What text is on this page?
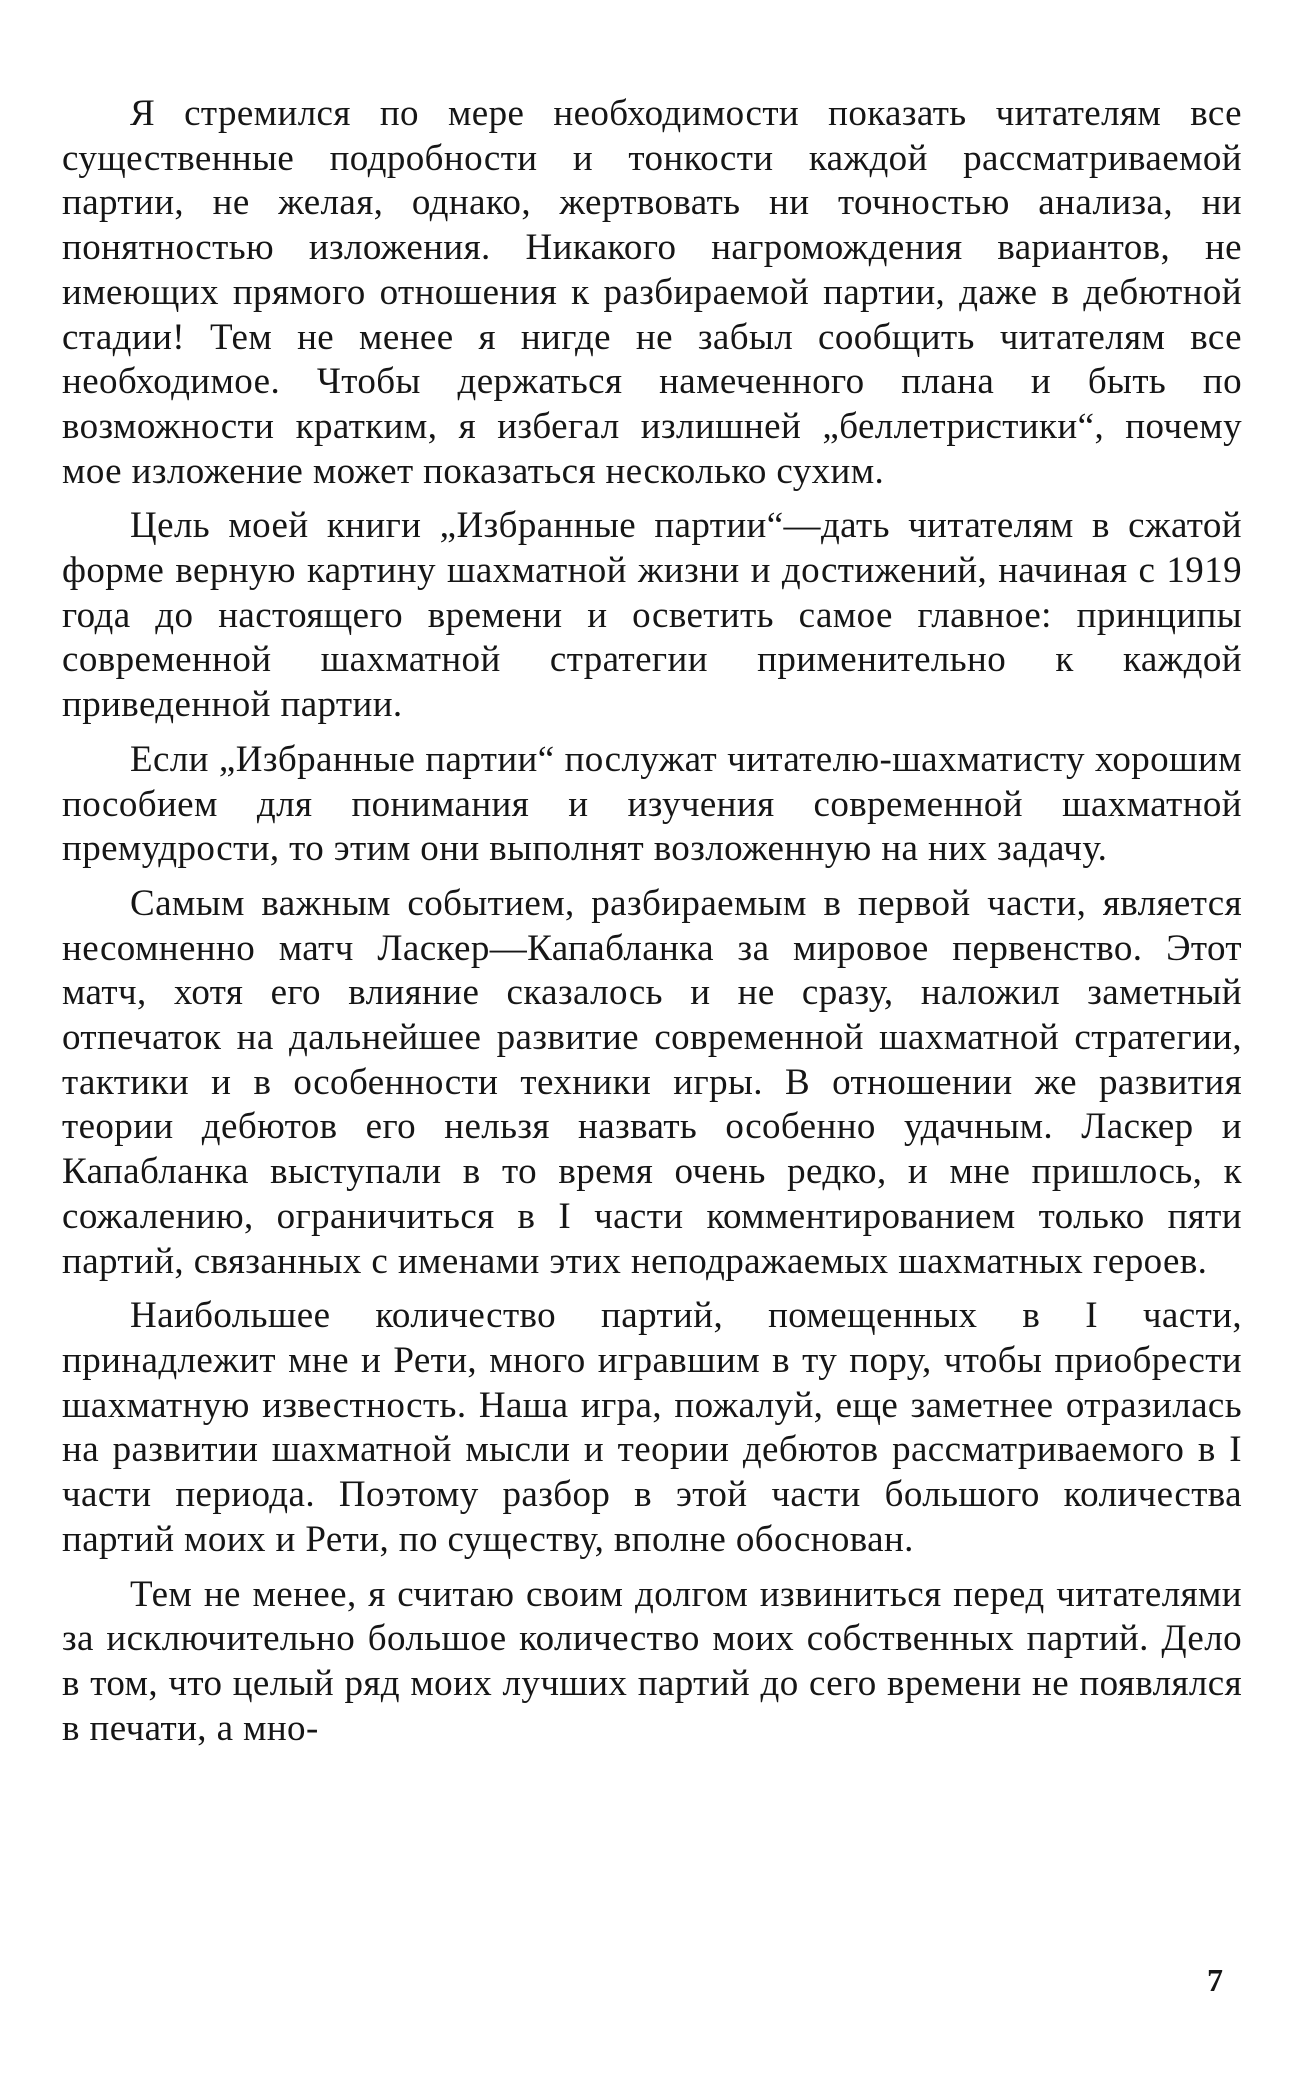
Я стремился по мере необходимости показать читателям все существенные подробности и тонкости каждой рассматриваемой партии, не желая, однако, жертвовать ни точностью анализа, ни понятностью изложения. Никакого нагромождения вариантов, не имеющих прямого отношения к разбираемой партии, даже в дебютной стадии! Тем не менее я нигде не забыл сообщить читателям все необходимое. Чтобы держаться намеченного плана и быть по возможности кратким, я избегал излишней „беллетристики“, почему мое изложение может показаться несколько сухим.

Цель моей книги „Избранные партии“—дать читателям в сжатой форме верную картину шахматной жизни и достижений, начиная с 1919 года до настоящего времени и осветить самое главное: принципы современной шахматной стратегии применительно к каждой приведенной партии.

Если „Избранные партии“ послужат читателю-шахматисту хорошим пособием для понимания и изучения современной шахматной премудрости, то этим они выполнят возложенную на них задачу.

Самым важным событием, разбираемым в первой части, является несомненно матч Ласкер—Капабланка за мировое первенство. Этот матч, хотя его влияние сказалось и не сразу, наложил заметный отпечаток на дальнейшее развитие современной шахматной стратегии, тактики и в особенности техники игры. В отношении же развития теории дебютов его нельзя назвать особенно удачным. Ласкер и Капабланка выступали в то время очень редко, и мне пришлось, к сожалению, ограничиться в I части комментированием только пяти партий, связанных с именами этих неподражаемых шахматных героев.

Наибольшее количество партий, помещенных в I части, принадлежит мне и Рети, много игравшим в ту пору, чтобы приобрести шахматную известность. Наша игра, пожалуй, еще заметнее отразилась на развитии шахматной мысли и теории дебютов рассматриваемого в I части периода. Поэтому разбор в этой части большого количества партий моих и Рети, по существу, вполне обоснован.

Тем не менее, я считаю своим долгом извиниться перед читателями за исключительно большое количество моих собственных партий. Дело в том, что целый ряд моих лучших партий до сего времени не появлялся в печати, а мно-

7
